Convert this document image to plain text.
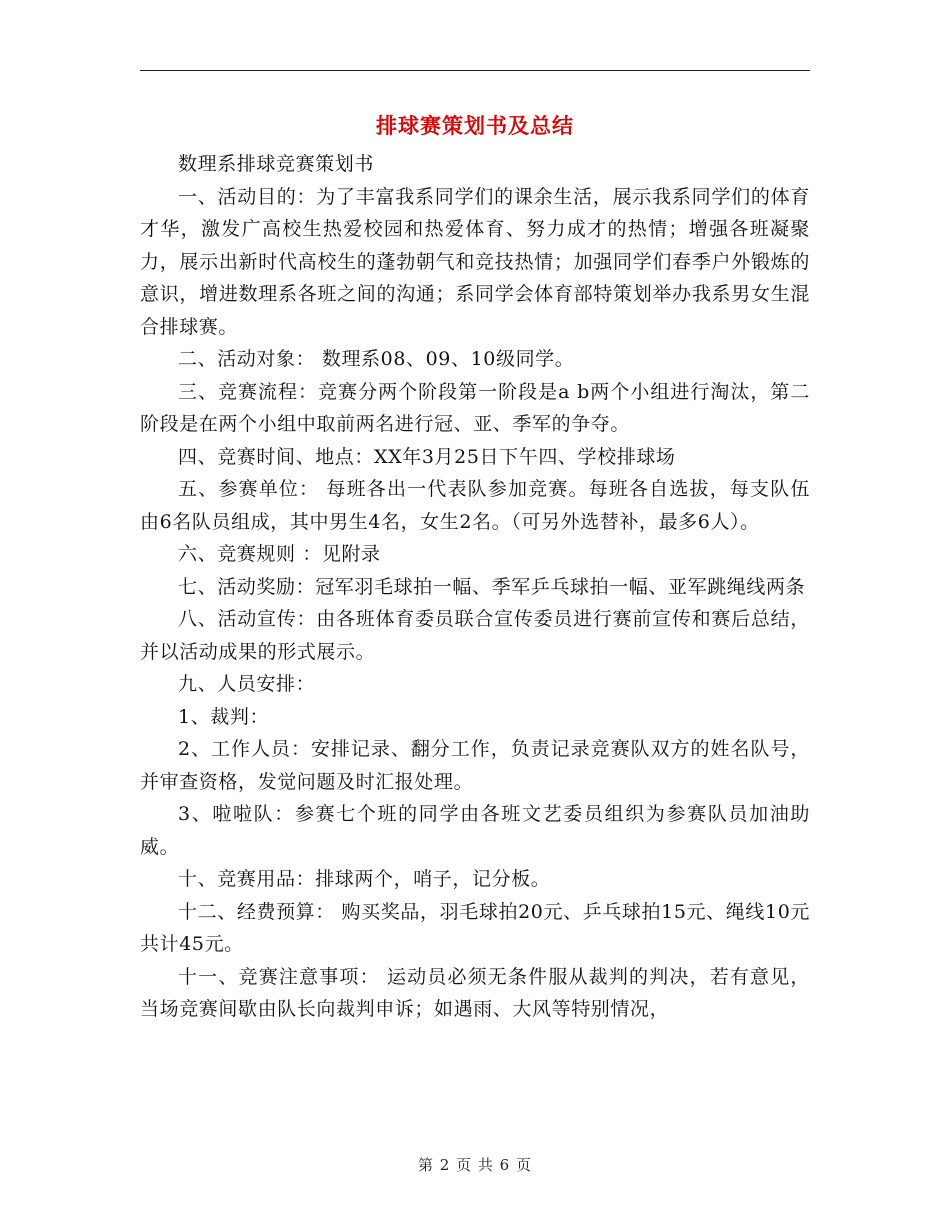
排球赛策划书及总结

数理系排球竞赛策划书

一、活动目的：为了丰富我系同学们的课余生活，展示我系同学们的体育才华，激发广高校生热爱校园和热爱体育、努力成才的热情；增强各班凝聚力，展示出新时代高校生的蓬勃朝气和竞技热情；加强同学们春季户外锻炼的意识，增进数理系各班之间的沟通；系同学会体育部特策划举办我系男女生混合排球赛。

二、活动对象： 数理系08、09、10级同学。

三、竞赛流程：竞赛分两个阶段第一阶段是a b两个小组进行淘汰，第二阶段是在两个小组中取前两名进行冠、亚、季军的争夺。

四、竞赛时间、地点：XX年3月25日下午四、学校排球场

五、参赛单位： 每班各出一代表队参加竞赛。每班各自选拔，每支队伍由6名队员组成，其中男生4名，女生2名。（可另外选替补，最多6人）。

六、竞赛规则 ：见附录

七、活动奖励：冠军羽毛球拍一幅、季军乒乓球拍一幅、亚军跳绳线两条

八、活动宣传：由各班体育委员联合宣传委员进行赛前宣传和赛后总结，并以活动成果的形式展示。

九、人员安排：

1、裁判：

2、工作人员：安排记录、翻分工作，负责记录竞赛队双方的姓名队号，并审查资格，发觉问题及时汇报处理。

3、啦啦队：参赛七个班的同学由各班文艺委员组织为参赛队员加油助威。

十、竞赛用品：排球两个，哨子，记分板。

十二、经费预算： 购买奖品，羽毛球拍20元、乒乓球拍15元、绳线10元共计45元。

十一、竞赛注意事项： 运动员必须无条件服从裁判的判决，若有意见，当场竞赛间歇由队长向裁判申诉；如遇雨、大风等特别情况，

第 2 页 共 6 页
